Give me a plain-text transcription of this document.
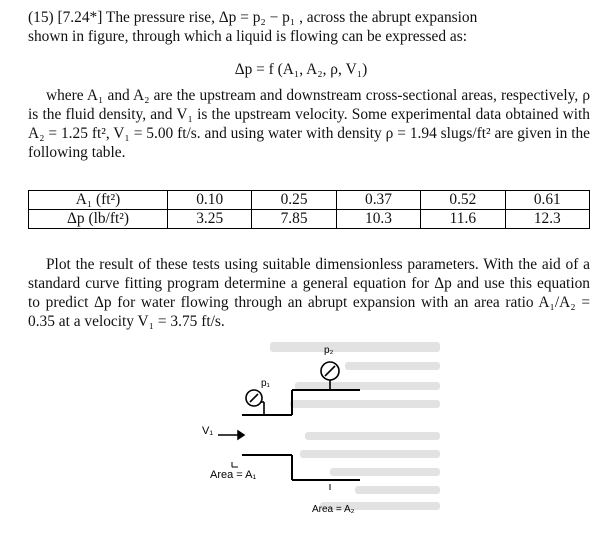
(15) [7.24*] The pressure rise, Δp = p₂ − p₁ , across the abrupt expansion
shown in figure, through which a liquid is flowing can be expressed as:
Δp = f (A₁, A₂, ρ, V₁)
where A₁ and A₂ are the upstream and downstream cross-sectional areas, respectively, ρ is the fluid density, and V₁ is the upstream velocity. Some experimental data obtained with A₂ = 1.25 ft², V₁ = 5.00 ft/s. and using water with density ρ = 1.94 slugs/ft² are given in the following table.
A₁ (ft²)	0.10	0.25	0.37	0.52	0.61
Δp (lb/ft²)	3.25	7.85	10.3	11.6	12.3
Plot the result of these tests using suitable dimensionless parameters. With the aid of a standard curve fitting program determine a general equation for Δp and use this equation to predict Δp for water flowing through an abrupt expansion with an area ratio A₁/A₂ = 0.35 at a velocity V₁ = 3.75 ft/s.
p₁
p₂
V₁
Area = A₁
Area = A₂
